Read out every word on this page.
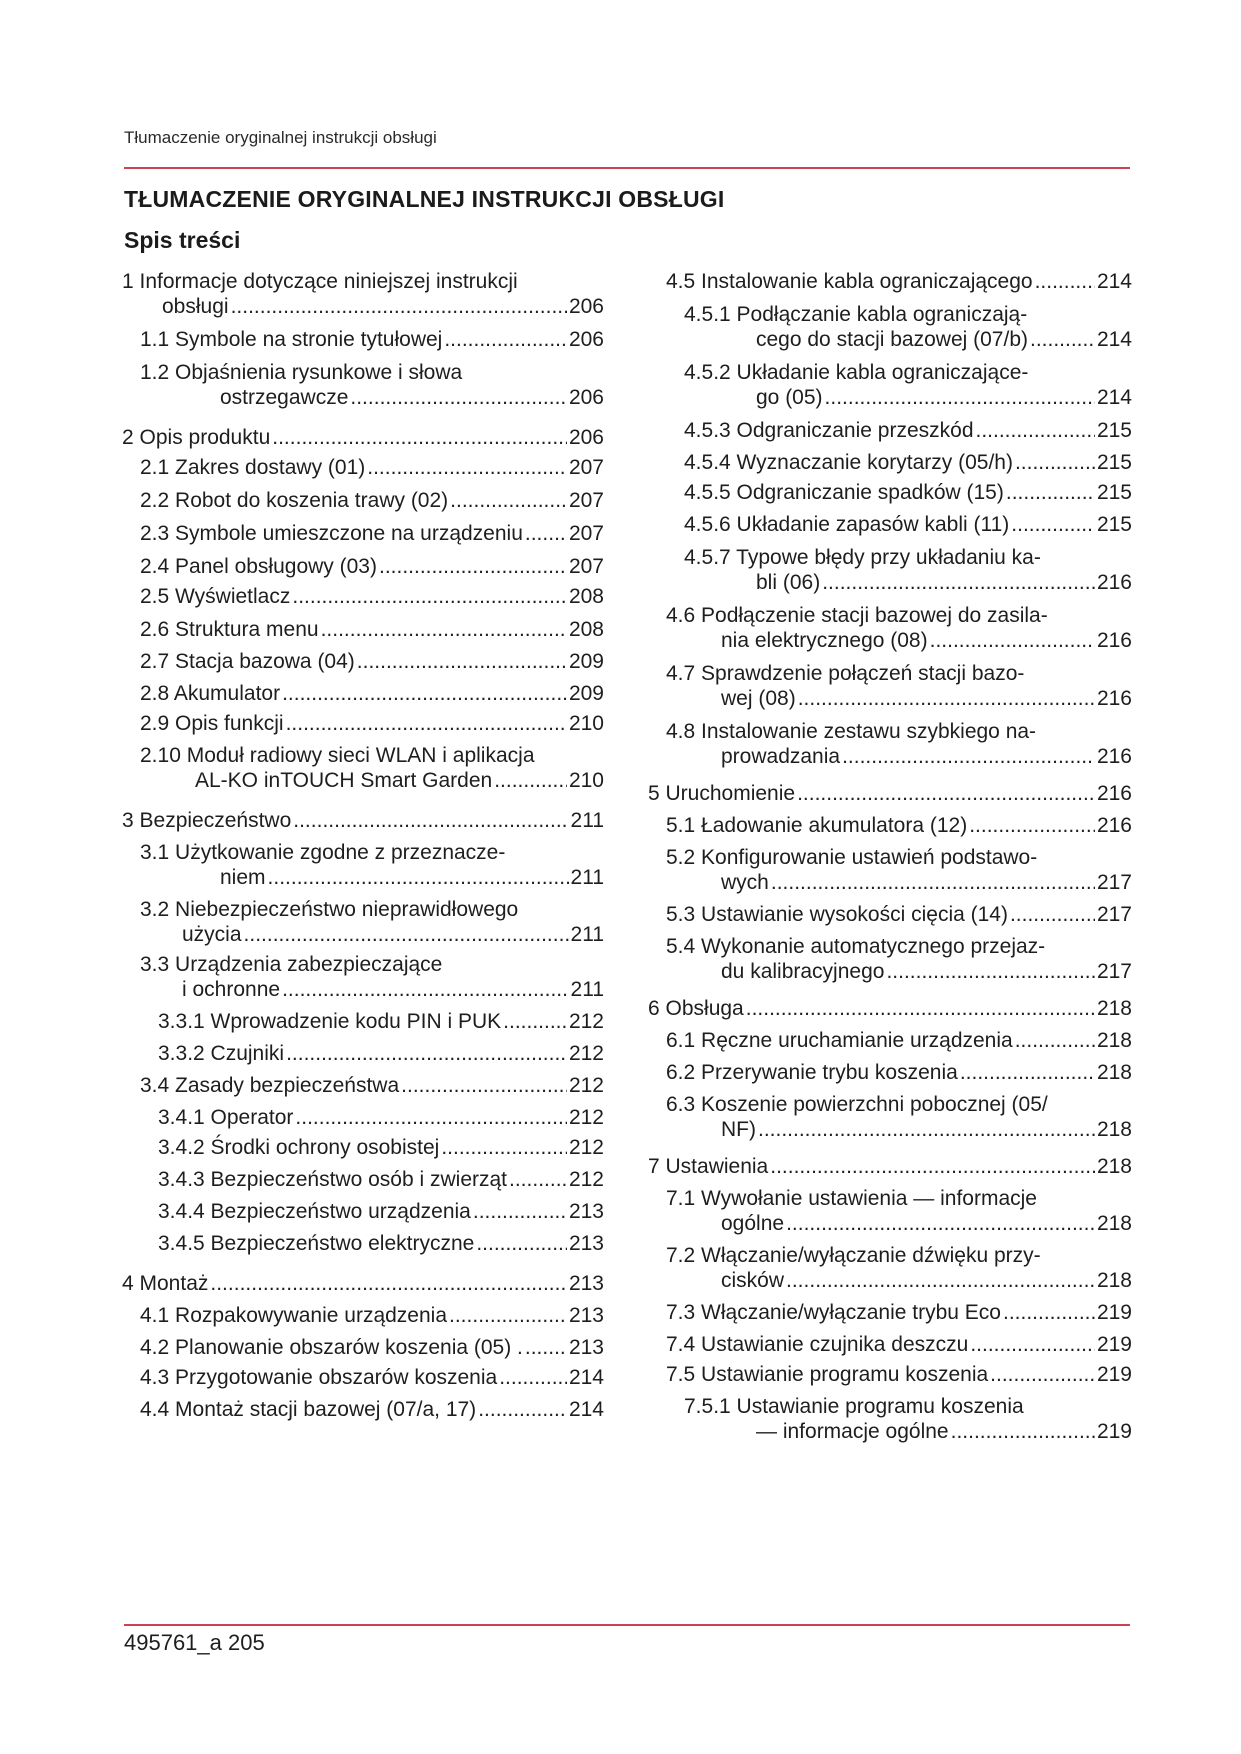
Tłumaczenie oryginalnej instrukcji obsługi
TŁUMACZENIE ORYGINALNEJ INSTRUKCJI OBSŁUGI
Spis treści
1 Informacje dotyczące niniejszej instrukcji
obsługi .....	206
1.1 Symbole na stronie tytułowej .....	206
1.2 Objaśnienia rysunkowe i słowa
ostrzegawcze .....	206
2 Opis produktu .....	206
2.1 Zakres dostawy (01) .....	207
2.2 Robot do koszenia trawy (02) .....	207
2.3 Symbole umieszczone na urządzeniu ..... 207
2.4 Panel obsługowy (03) .....	207
2.5 Wyświetlacz .....	208
2.6 Struktura menu .....	208
2.7 Stacja bazowa (04) .....	209
2.8 Akumulator .....	209
2.9 Opis funkcji .....	210
2.10 Moduł radiowy sieci WLAN i aplikacja
AL-KO inTOUCH Smart Garden .....	210
3 Bezpieczeństwo .....	211
3.1 Użytkowanie zgodne z przeznacze-
niem .....	211
3.2 Niebezpieczeństwo nieprawidłowego
użycia .....	211
3.3 Urządzenia zabezpieczające
i ochronne .....	211
3.3.1 Wprowadzenie kodu PIN i PUK .....	212
3.3.2 Czujniki .....	212
3.4 Zasady bezpieczeństwa .....	212
3.4.1 Operator .....	212
3.4.2 Środki ochrony osobistej .....	212
3.4.3 Bezpieczeństwo osób i zwierząt .....	212
3.4.4 Bezpieczeństwo urządzenia .....	213
3.4.5 Bezpieczeństwo elektryczne .....	213
4 Montaż .....	213
4.1 Rozpakowywanie urządzenia .....	213
4.2 Planowanie obszarów koszenia (05) . ..... 213
4.3 Przygotowanie obszarów koszenia .....	214
4.4 Montaż stacji bazowej (07/a, 17) .....	214
4.5 Instalowanie kabla ograniczającego .....	214
4.5.1 Podłączanie kabla ograniczają-
cego do stacji bazowej (07/b) .....	214
4.5.2 Układanie kabla ograniczające-
go (05) .....	214
4.5.3 Odgraniczanie przeszkód .....	215
4.5.4 Wyznaczanie korytarzy (05/h) .....	215
4.5.5 Odgraniczanie spadków (15) .....	215
4.5.6 Układanie zapasów kabli (11) .....	215
4.5.7 Typowe błędy przy układaniu ka-
bli (06) .....	216
4.6 Podłączenie stacji bazowej do zasila-
nia elektrycznego (08) .....	216
4.7 Sprawdzenie połączeń stacji bazo-
wej (08) .....	216
4.8 Instalowanie zestawu szybkiego na-
prowadzania .....	216
5 Uruchomienie .....	216
5.1 Ładowanie akumulatora (12) .....	216
5.2 Konfigurowanie ustawień podstawo-
wych .....	217
5.3 Ustawianie wysokości cięcia (14) .....	217
5.4 Wykonanie automatycznego przejaz-
du kalibracyjnego .....	217
6 Obsługa .....	218
6.1 Ręczne uruchamianie urządzenia .....	218
6.2 Przerywanie trybu koszenia .....	218
6.3 Koszenie powierzchni pobocznej (05/
NF) .....	218
7 Ustawienia .....	218
7.1 Wywołanie ustawienia — informacje
ogólne .....	218
7.2 Włączanie/wyłączanie dźwięku przy-
cisków .....	218
7.3 Włączanie/wyłączanie trybu Eco .....	219
7.4 Ustawianie czujnika deszczu .....	219
7.5 Ustawianie programu koszenia .....	219
7.5.1 Ustawianie programu koszenia
— informacje ogólne .....	219
495761_a 205
